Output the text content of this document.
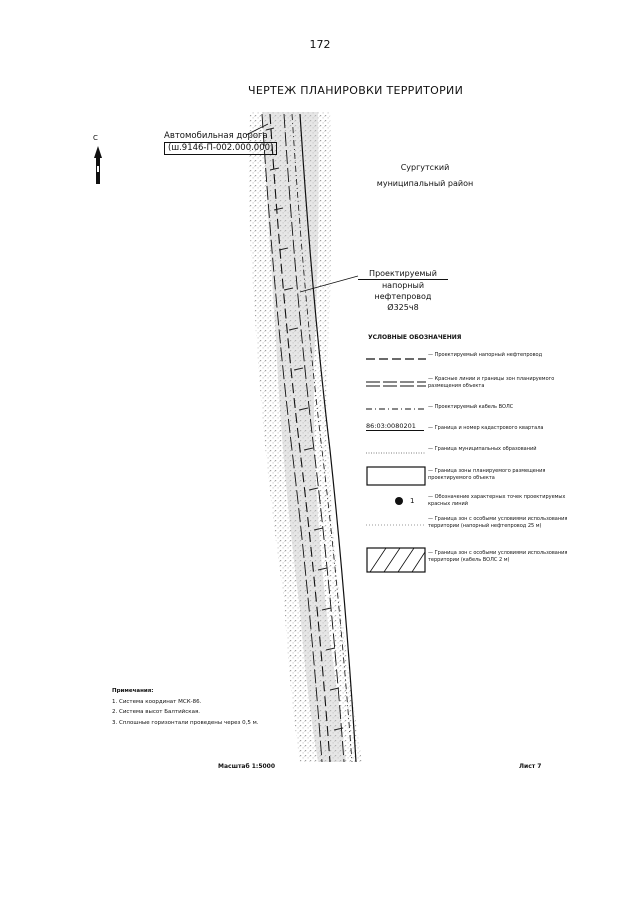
172
ЧЕРТЕЖ ПЛАНИРОВКИ ТЕРРИТОРИИ
С	Автомобильная дорога
(ш.9146-П-002.000.000)
Сургутский
муниципальный район
Проектируемый
напорный
нефтепровод
Ø325ч8
УСЛОВНЫЕ ОБОЗНАЧЕНИЯ
— Проектируемый напорный нефтепровод
— Красные линии и границы зон планируемого размещения объекта
— Проектируемый кабель ВОЛС
86:03:0080201	— Граница и номер кадастрового квартала
— Граница муниципальных образований
— Граница зоны планируемого размещения проектируемого объекта
1	— Обозначение характерных точек проектируемых красных линий
— Граница зон с особыми условиями использования территории (напорный нефтепровод 25 м)
— Граница зон с особыми условиями использования территории (кабель ВОЛС 2 м)
Примечания:
1. Система координат МСК-86.
2. Система высот Балтийская.
3. Сплошные горизонтали проведены через 0,5 м.
Масштаб 1:5000	Лист 7
